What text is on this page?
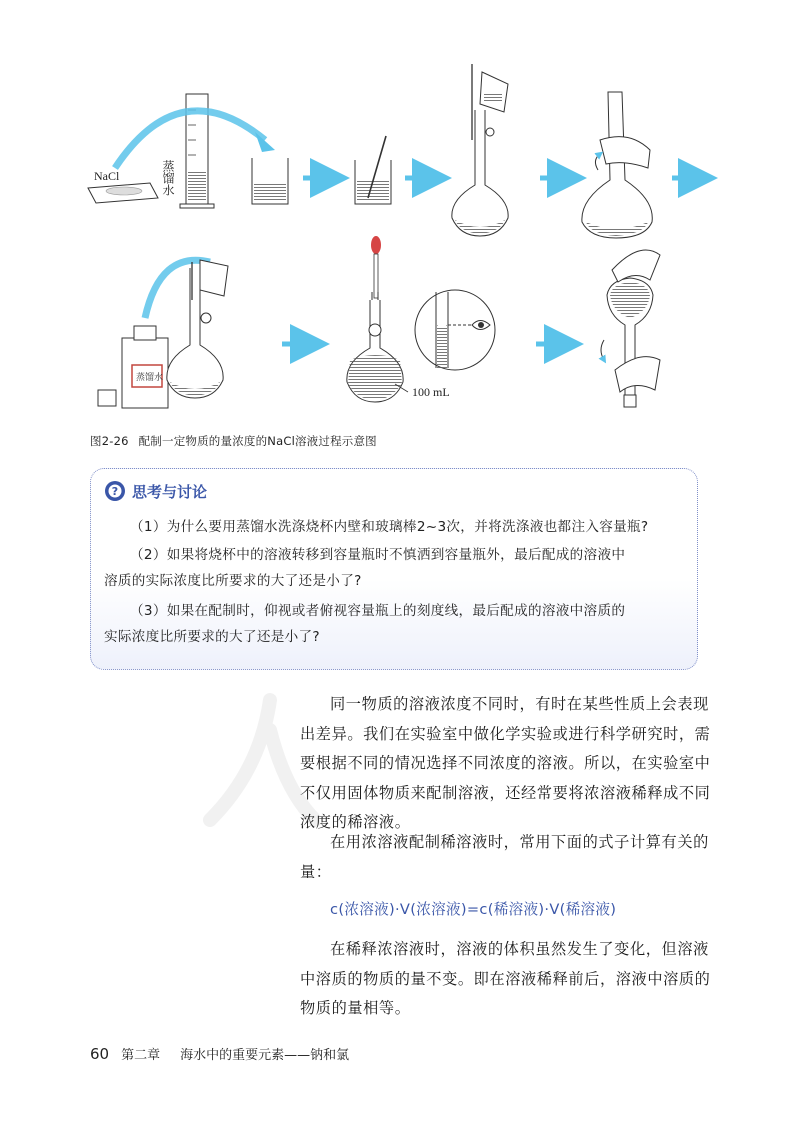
NaCl	蒸馏水
蒸馏水
100 mL
图2-26 配制一定物质的量浓度的NaCl溶液过程示意图
? 思考与讨论
（1）为什么要用蒸馏水洗涤烧杯内壁和玻璃棒2~3次，并将洗涤液也都注入容量瓶?
（2）如果将烧杯中的溶液转移到容量瓶时不慎洒到容量瓶外，最后配成的溶液中
溶质的实际浓度比所要求的大了还是小了?
（3）如果在配制时，仰视或者俯视容量瓶上的刻度线，最后配成的溶液中溶质的
实际浓度比所要求的大了还是小了?
同一物质的溶液浓度不同时，有时在某些性质上会表现出差异。我们在实验室中做化学实验或进行科学研究时，需要根据不同的情况选择不同浓度的溶液。所以，在实验室中不仅用固体物质来配制溶液，还经常要将浓溶液稀释成不同浓度的稀溶液。
在用浓溶液配制稀溶液时，常用下面的式子计算有关的量：
c(浓溶液)·V(浓溶液)=c(稀溶液)·V(稀溶液)
在稀释浓溶液时，溶液的体积虽然发生了变化，但溶液中溶质的物质的量不变。即在溶液稀释前后，溶液中溶质的物质的量相等。
60 第二章 海水中的重要元素——钠和氯
